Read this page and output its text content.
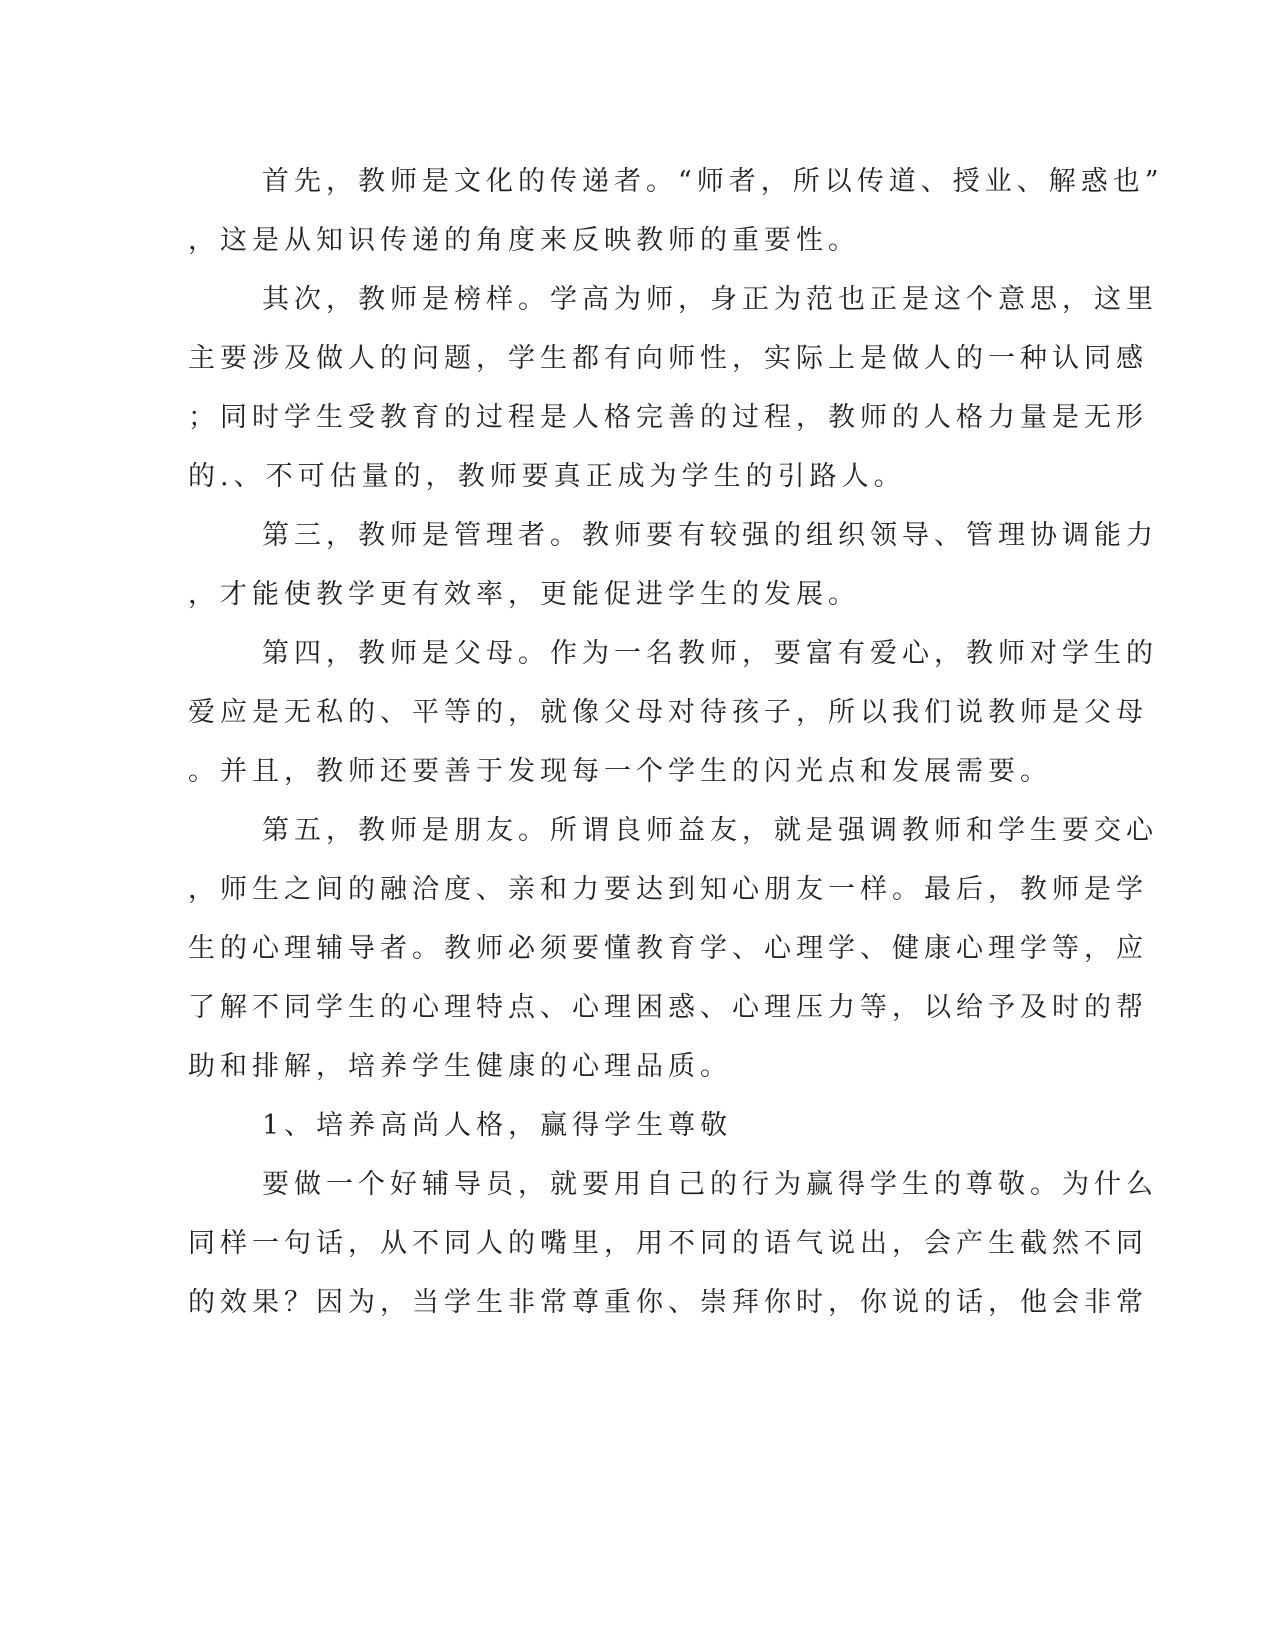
首先，教师是文化的传递者。“师者，所以传道、授业、解惑也”
，这是从知识传递的角度来反映教师的重要性。
其次，教师是榜样。学高为师，身正为范也正是这个意思，这里
主要涉及做人的问题，学生都有向师性，实际上是做人的一种认同感
；同时学生受教育的过程是人格完善的过程，教师的人格力量是无形
的.、不可估量的，教师要真正成为学生的引路人。
第三，教师是管理者。教师要有较强的组织领导、管理协调能力
，才能使教学更有效率，更能促进学生的发展。
第四，教师是父母。作为一名教师，要富有爱心，教师对学生的
爱应是无私的、平等的，就像父母对待孩子，所以我们说教师是父母
。并且，教师还要善于发现每一个学生的闪光点和发展需要。
第五，教师是朋友。所谓良师益友，就是强调教师和学生要交心
，师生之间的融洽度、亲和力要达到知心朋友一样。最后，教师是学
生的心理辅导者。教师必须要懂教育学、心理学、健康心理学等，应
了解不同学生的心理特点、心理困惑、心理压力等，以给予及时的帮
助和排解，培养学生健康的心理品质。
1、培养高尚人格，赢得学生尊敬
要做一个好辅导员，就要用自己的行为赢得学生的尊敬。为什么
同样一句话，从不同人的嘴里，用不同的语气说出，会产生截然不同
的效果？因为，当学生非常尊重你、崇拜你时，你说的话，他会非常
